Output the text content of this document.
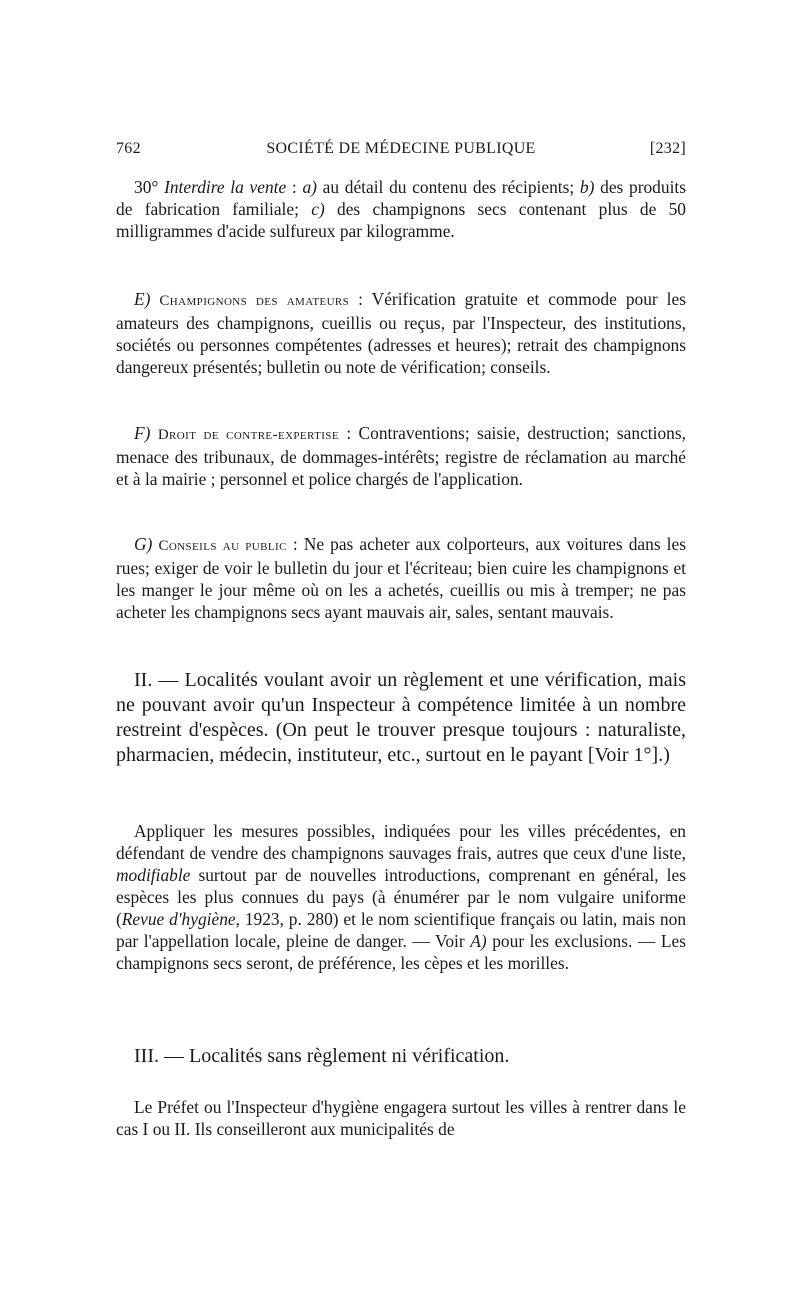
762	SOCIÉTÉ DE MÉDECINE PUBLIQUE	[232]

30° Interdire la vente : a) au détail du contenu des récipients; b) des produits de fabrication familiale; c) des champignons secs contenant plus de 50 milligrammes d'acide sulfureux par kilogramme.

E) Champignons des amateurs : Vérification gratuite et commode pour les amateurs des champignons, cueillis ou reçus, par l'Inspecteur, des institutions, sociétés ou personnes compétentes (adresses et heures); retrait des champignons dangereux présentés; bulletin ou note de vérification; conseils.

F) Droit de contre-expertise : Contraventions; saisie, destruction; sanctions, menace des tribunaux, de dommages-intérêts; registre de réclamation au marché et à la mairie ; personnel et police chargés de l'application.

G) Conseils au public : Ne pas acheter aux colporteurs, aux voitures dans les rues; exiger de voir le bulletin du jour et l'écriteau; bien cuire les champignons et les manger le jour même où on les a achetés, cueillis ou mis à tremper; ne pas acheter les champignons secs ayant mauvais air, sales, sentant mauvais.

II. — Localités voulant avoir un règlement et une vérification, mais ne pouvant avoir qu'un Inspecteur à compétence limitée à un nombre restreint d'espèces. (On peut le trouver presque toujours : naturaliste, pharmacien, médecin, instituteur, etc., surtout en le payant [Voir 1°].)

Appliquer les mesures possibles, indiquées pour les villes précédentes, en défendant de vendre des champignons sauvages frais, autres que ceux d'une liste, modifiable surtout par de nouvelles introductions, comprenant en général, les espèces les plus connues du pays (à énumérer par le nom vulgaire uniforme (Revue d'hygiène, 1923, p. 280) et le nom scientifique français ou latin, mais non par l'appellation locale, pleine de danger. — Voir A) pour les exclusions. — Les champignons secs seront, de préférence, les cèpes et les morilles.

III. — Localités sans règlement ni vérification.

Le Préfet ou l'Inspecteur d'hygiène engagera surtout les villes à rentrer dans le cas I ou II. Ils conseilleront aux municipalités de
